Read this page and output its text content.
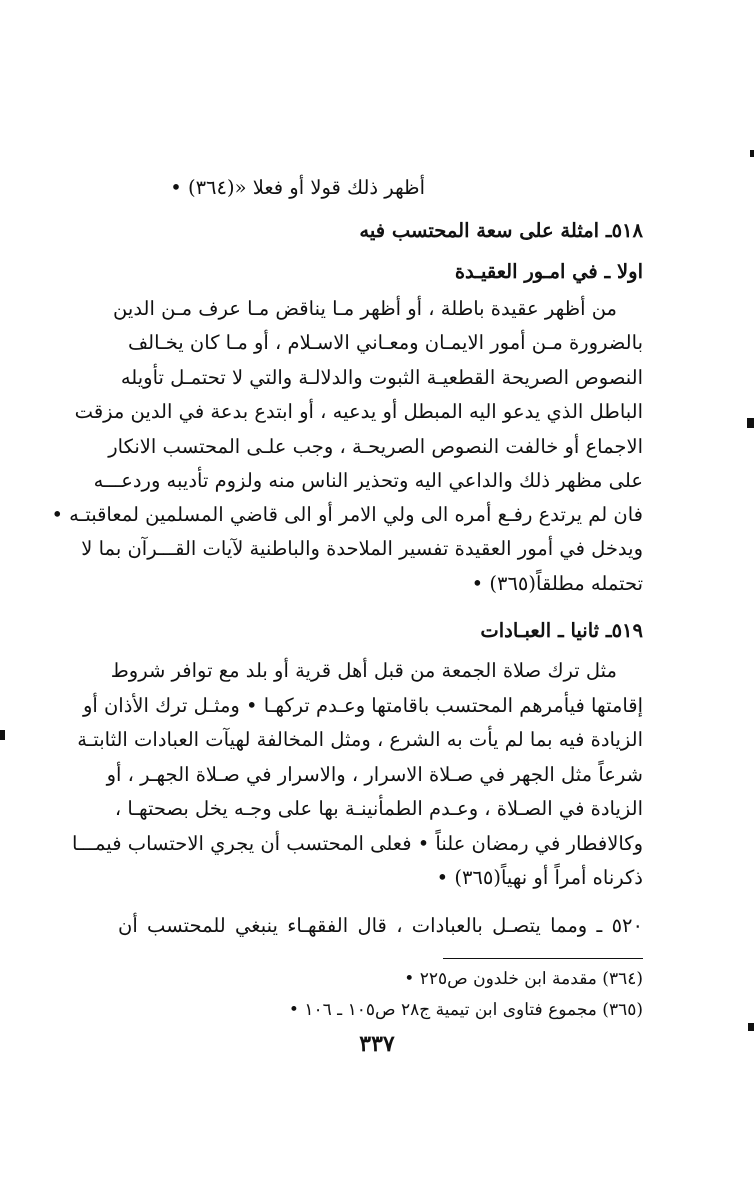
أظهر ذلك قولا أو فعلا «(٣٦٤) •
٥١٨ـ امثلة على سعة المحتسب فيه
اولا ـ في امـور العقيـدة
من أظهر عقيدة باطلة ، أو أظهر مـا يناقض مـا عرف مـن الدين
بالضرورة مـن أمور الايمـان ومعـاني الاسـلام ، أو مـا كان يخـالف
النصوص الصريحة القطعيـة الثبوت والدلالـة والتي لا تحتمـل تأويله
الباطل الذي يدعو اليه المبطل أو يدعيه ، أو ابتدع بدعة في الدين مزقت
الاجماع أو خالفت النصوص الصريحـة ، وجب علـى المحتسب الانكار
على مظهر ذلك والداعي اليه وتحذير الناس منه ولزوم تأديبه وردعـــه
فان لم يرتدع رفـع أمره الى ولي الامر أو الى قاضي المسلمين لمعاقبتـه •
ويدخل في أمور العقيدة تفسير الملاحدة والباطنية لآيات القـــرآن بما لا
تحتمله مطلقاً(٣٦٥) •
٥١٩ـ ثانيا ـ العبـادات
مثل ترك صلاة الجمعة من قبل أهل قرية أو بلد مع توافر شروط
إقامتها فيأمرهم المحتسب باقامتها وعـدم تركهـا • ومثـل ترك الأذان أو
الزيادة فيه بما لم يأت به الشرع ، ومثل المخالفة لهيآت العبادات الثابتـة
شرعاً مثل الجهر في صـلاة الاسرار ، والاسرار في صـلاة الجهـر ، أو
الزيادة في الصـلاة ، وعـدم الطمأنينـة بها على وجـه يخل بصحتهـا ،
وكالافطار في رمضان علناً • فعلى المحتسب أن يجري الاحتساب فيمـــا
ذكرناه أمراً أو نهياً(٣٦٥) •
٥٢٠ ـ ومما يتصـل بالعبادات ، قال الفقهـاء ينبغي للمحتسب أن
(٣٦٤) مقدمة ابن خلدون ص٢٢٥ •
(٣٦٥) مجموع فتاوى ابن تيمية ج٢٨ ص١٠٥ ـ ١٠٦ •
٣٣٧
